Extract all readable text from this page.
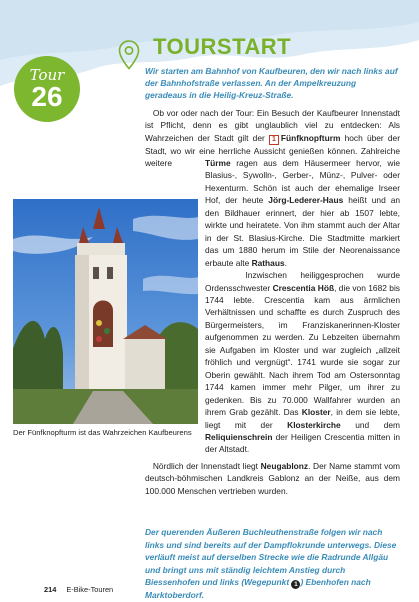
TOURSTART
Tour
26
Wir starten am Bahnhof von Kaufbeuren, den wir nach links auf der Bahnhofstraße verlassen. An der Ampelkreuzung geradeaus in die Heilig-Kreuz-Straße.
Der Fünfknopfturm ist das Wahrzeichen Kaufbeurens

Ob vor oder nach der Tour: Ein Besuch der Kaufbeurer Innenstadt ist Pflicht, denn es gibt unglaublich viel zu entdecken: Als Wahrzeichen der Stadt gilt der 1 Fünfknopfturm hoch über der Stadt, wo wir eine herrliche Aussicht genießen können. Zahlreiche weitere	Türme ragen aus dem Häusermeer hervor, wie Blasius-, Sywolln-, Gerber-, Münz-, Pulver- oder Hexenturm. Schön ist auch der ehemalige Irseer Hof, der heute Jörg-Lederer-Haus heißt und an den Bildhauer erinnert, der hier ab 1507 lebte, wirkte und heiratete. Von ihm stammt auch der Altar in der St. Blasius-Kirche. Die Stadtmitte markiert das um 1880 herum im Stile der Neorenaissance erbaute alte Rathaus.

Inzwischen heiliggesprochen wurde Ordensschwester Crescentia Höß, die von 1682 bis 1744 lebte. Crescentia kam aus ärmlichen Verhältnissen und schaffte es durch Zuspruch des Bürgermeisters, im Franziskanerinnen-Kloster aufgenommen zu werden. Zu Lebzeiten übernahm sie Aufgaben im Kloster und war zugleich „allzeit fröhlich und vergnügt“. 1741 wurde sie sogar zur Oberin gewählt. Nach ihrem Tod am Ostersonntag 1744 kamen immer mehr Pilger, um ihrer zu gedenken. Bis zu 70.000 Wallfahrer wurden an ihrem Grab gezählt. Das Kloster, in dem sie lebte, liegt mit der Klosterkirche und dem Reliquienschrein der Heiligen Crescentia mitten in der Altstadt.

Nördlich der Innenstadt liegt Neugablonz. Der Name stammt vom deutsch-böhmischen Landkreis Gablonz an der Neiße, aus dem 100.000 Menschen vertrieben wurden.

Der querenden Äußeren Buchleuthenstraße folgen wir nach links und sind bereits auf der Dampflokrunde unterwegs. Diese verläuft meist auf derselben Strecke wie die Radrunde Allgäu und bringt uns mit ständig leichtem Anstieg durch Biessenhofen und links (Wegepunkt 1 ) Ebenhofen nach Marktoberdorf.
214 E-Bike-Touren
